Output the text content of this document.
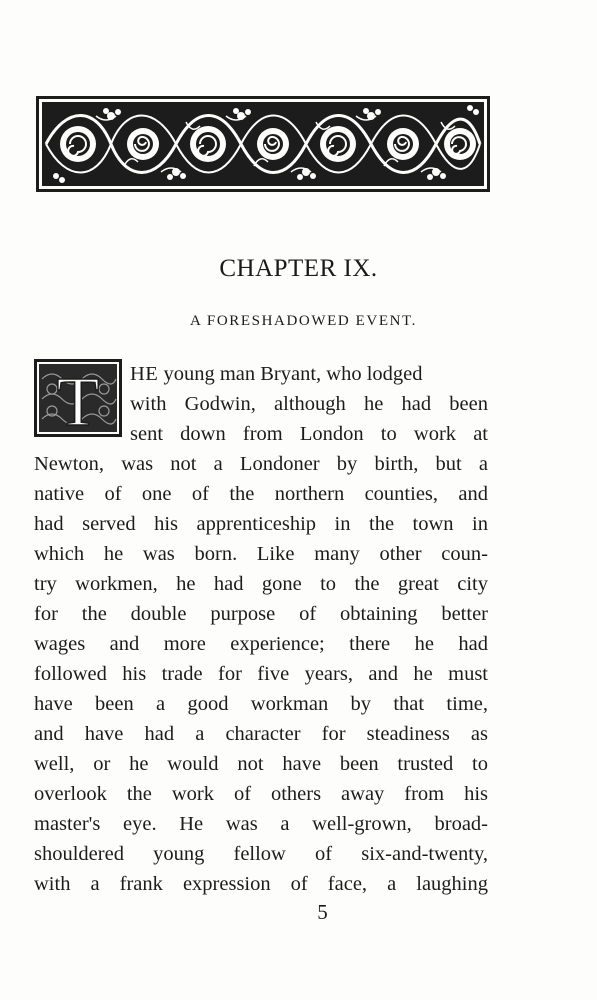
CHAPTER IX.
A FORESHADOWED EVENT.
T HE young man Bryant, who lodged
with Godwin, although he had been
sent down from London to work at
Newton, was not a Londoner by birth, but a
native of one of the northern counties, and
had served his apprenticeship in the town in
which he was born. Like many other coun-
try workmen, he had gone to the great city
for the double purpose of obtaining better
wages and more experience; there he had
followed his trade for five years, and he must
have been a good workman by that time,
and have had a character for steadiness as
well, or he would not have been trusted to
overlook the work of others away from his
master's eye. He was a well-grown, broad-
shouldered young fellow of six-and-twenty,
with a frank expression of face, a laughing
5
